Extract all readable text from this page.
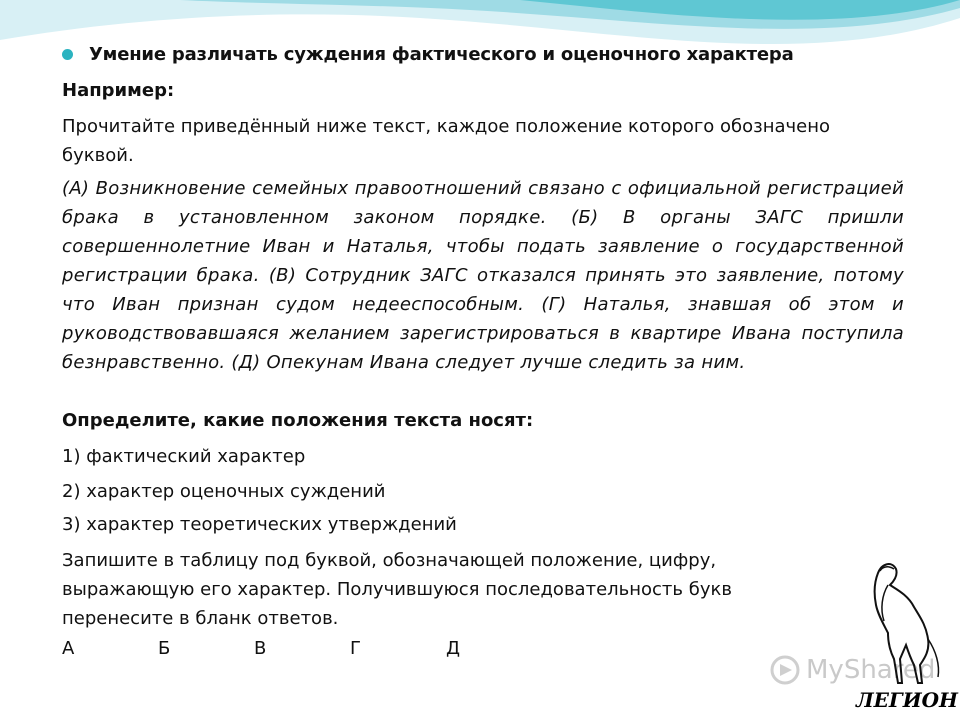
Умение различать суждения фактического и оценочного характера
Например:
Прочитайте приведённый ниже текст, каждое положение которого обозначено буквой.
(А) Возникновение семейных правоотношений связано с официальной регистрацией брака в установленном законом порядке. (Б) В органы ЗАГС пришли совершеннолетние Иван и Наталья, чтобы подать заявление о государственной регистрации брака. (В) Сотрудник ЗАГС отказался принять это заявление, потому что Иван признан судом недееспособным. (Г) Наталья, знавшая об этом и руководствовавшаяся желанием зарегистрироваться в квартире Ивана поступила безнравственно. (Д) Опекунам Ивана следует лучше следить за ним.
Определите, какие положения текста носят:
1) фактический характер
2) характер оценочных суждений
3) характер теоретических утверждений
Запишите в таблицу под буквой, обозначающей положение, цифру, выражающую его характер. Получившуюся последовательность букв перенесите в бланк ответов.
А	Б	В	Г	Д
MyShared
ЛЕГИОН
